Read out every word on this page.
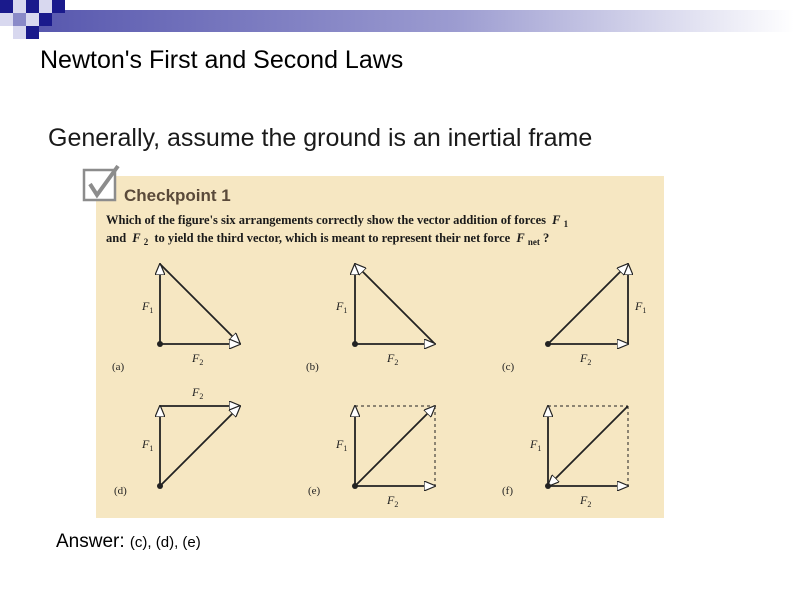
Newton's First and Second Laws
Generally, assume the ground is an inertial frame
Checkpoint 1
Which of the figure's six arrangements correctly show the vector addition of forces F $_1$
and F $_2$ to yield the third vector, which is meant to represent their net force F $_{net}$ ?
$F_1$
$F_2$
(a)
$F_1$
$F_2$
(b)
$F_1$
$F_2$
(c)
$F_2$
$F_1$
(d)
$F_1$
$F_2$
(e)
$F_1$
$F_2$
(f)
Answer: (c), (d), (e)
